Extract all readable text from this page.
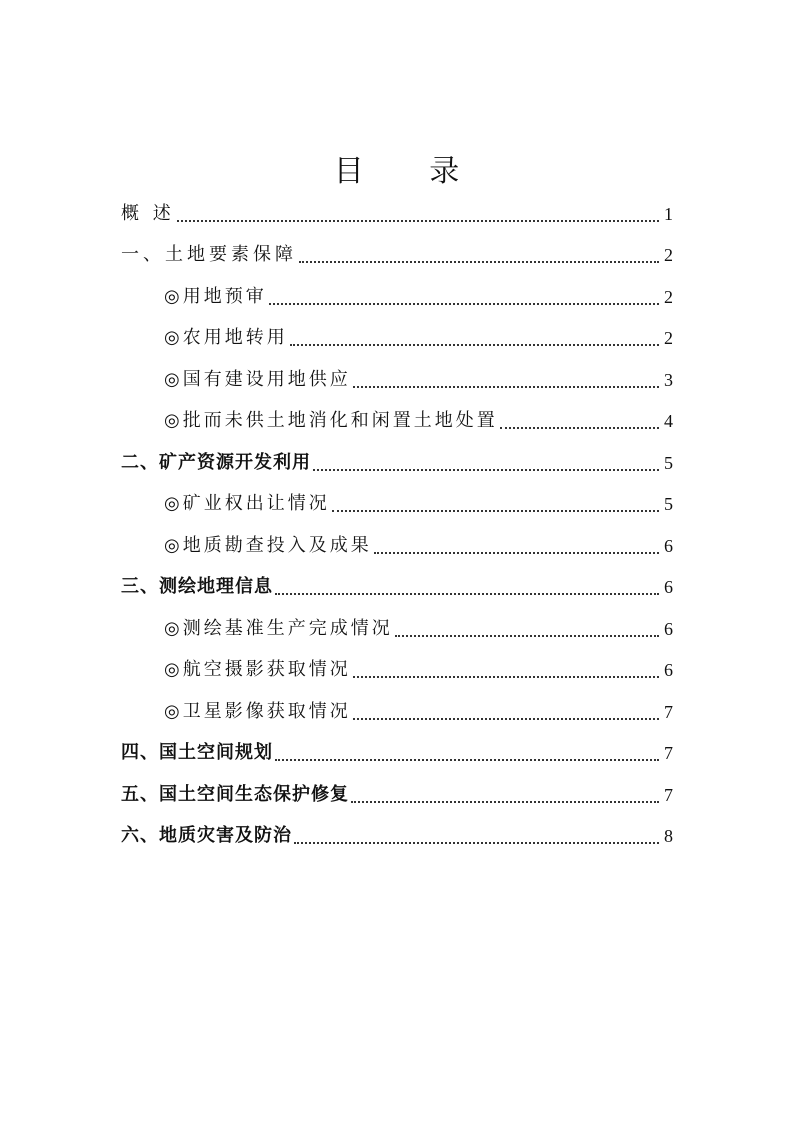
目 录
概 述	1
一、土地要素保障	2
◎用地预审	2
◎农用地转用	2
◎国有建设用地供应	3
◎批而未供土地消化和闲置土地处置	4
二、矿产资源开发利用	5
◎矿业权出让情况	5
◎地质勘查投入及成果	6
三、测绘地理信息	6
◎测绘基准生产完成情况	6
◎航空摄影获取情况	6
◎卫星影像获取情况	7
四、国土空间规划	7
五、国土空间生态保护修复	7
六、地质灾害及防治	8
